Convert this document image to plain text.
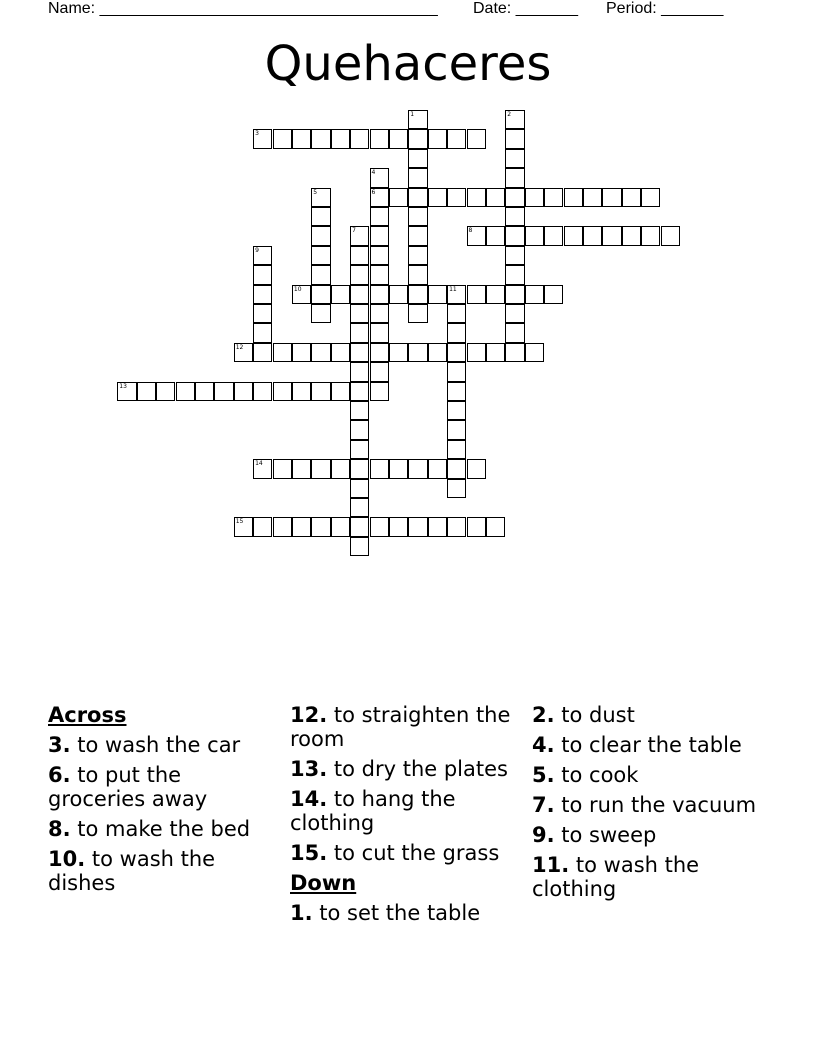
Name: ______________________________________ Date: _______ Period: _______
Quehaceres
1	2
3
4
6
5
7	8
9
10	11
12
13
14
15
Across
3. to wash the car
6. to put the groceries away
8. to make the bed
10. to wash the dishes
12. to straighten the room
13. to dry the plates
14. to hang the clothing
15. to cut the grass
Down
1. to set the table
2. to dust
4. to clear the table
5. to cook
7. to run the vacuum
9. to sweep
11. to wash the clothing
